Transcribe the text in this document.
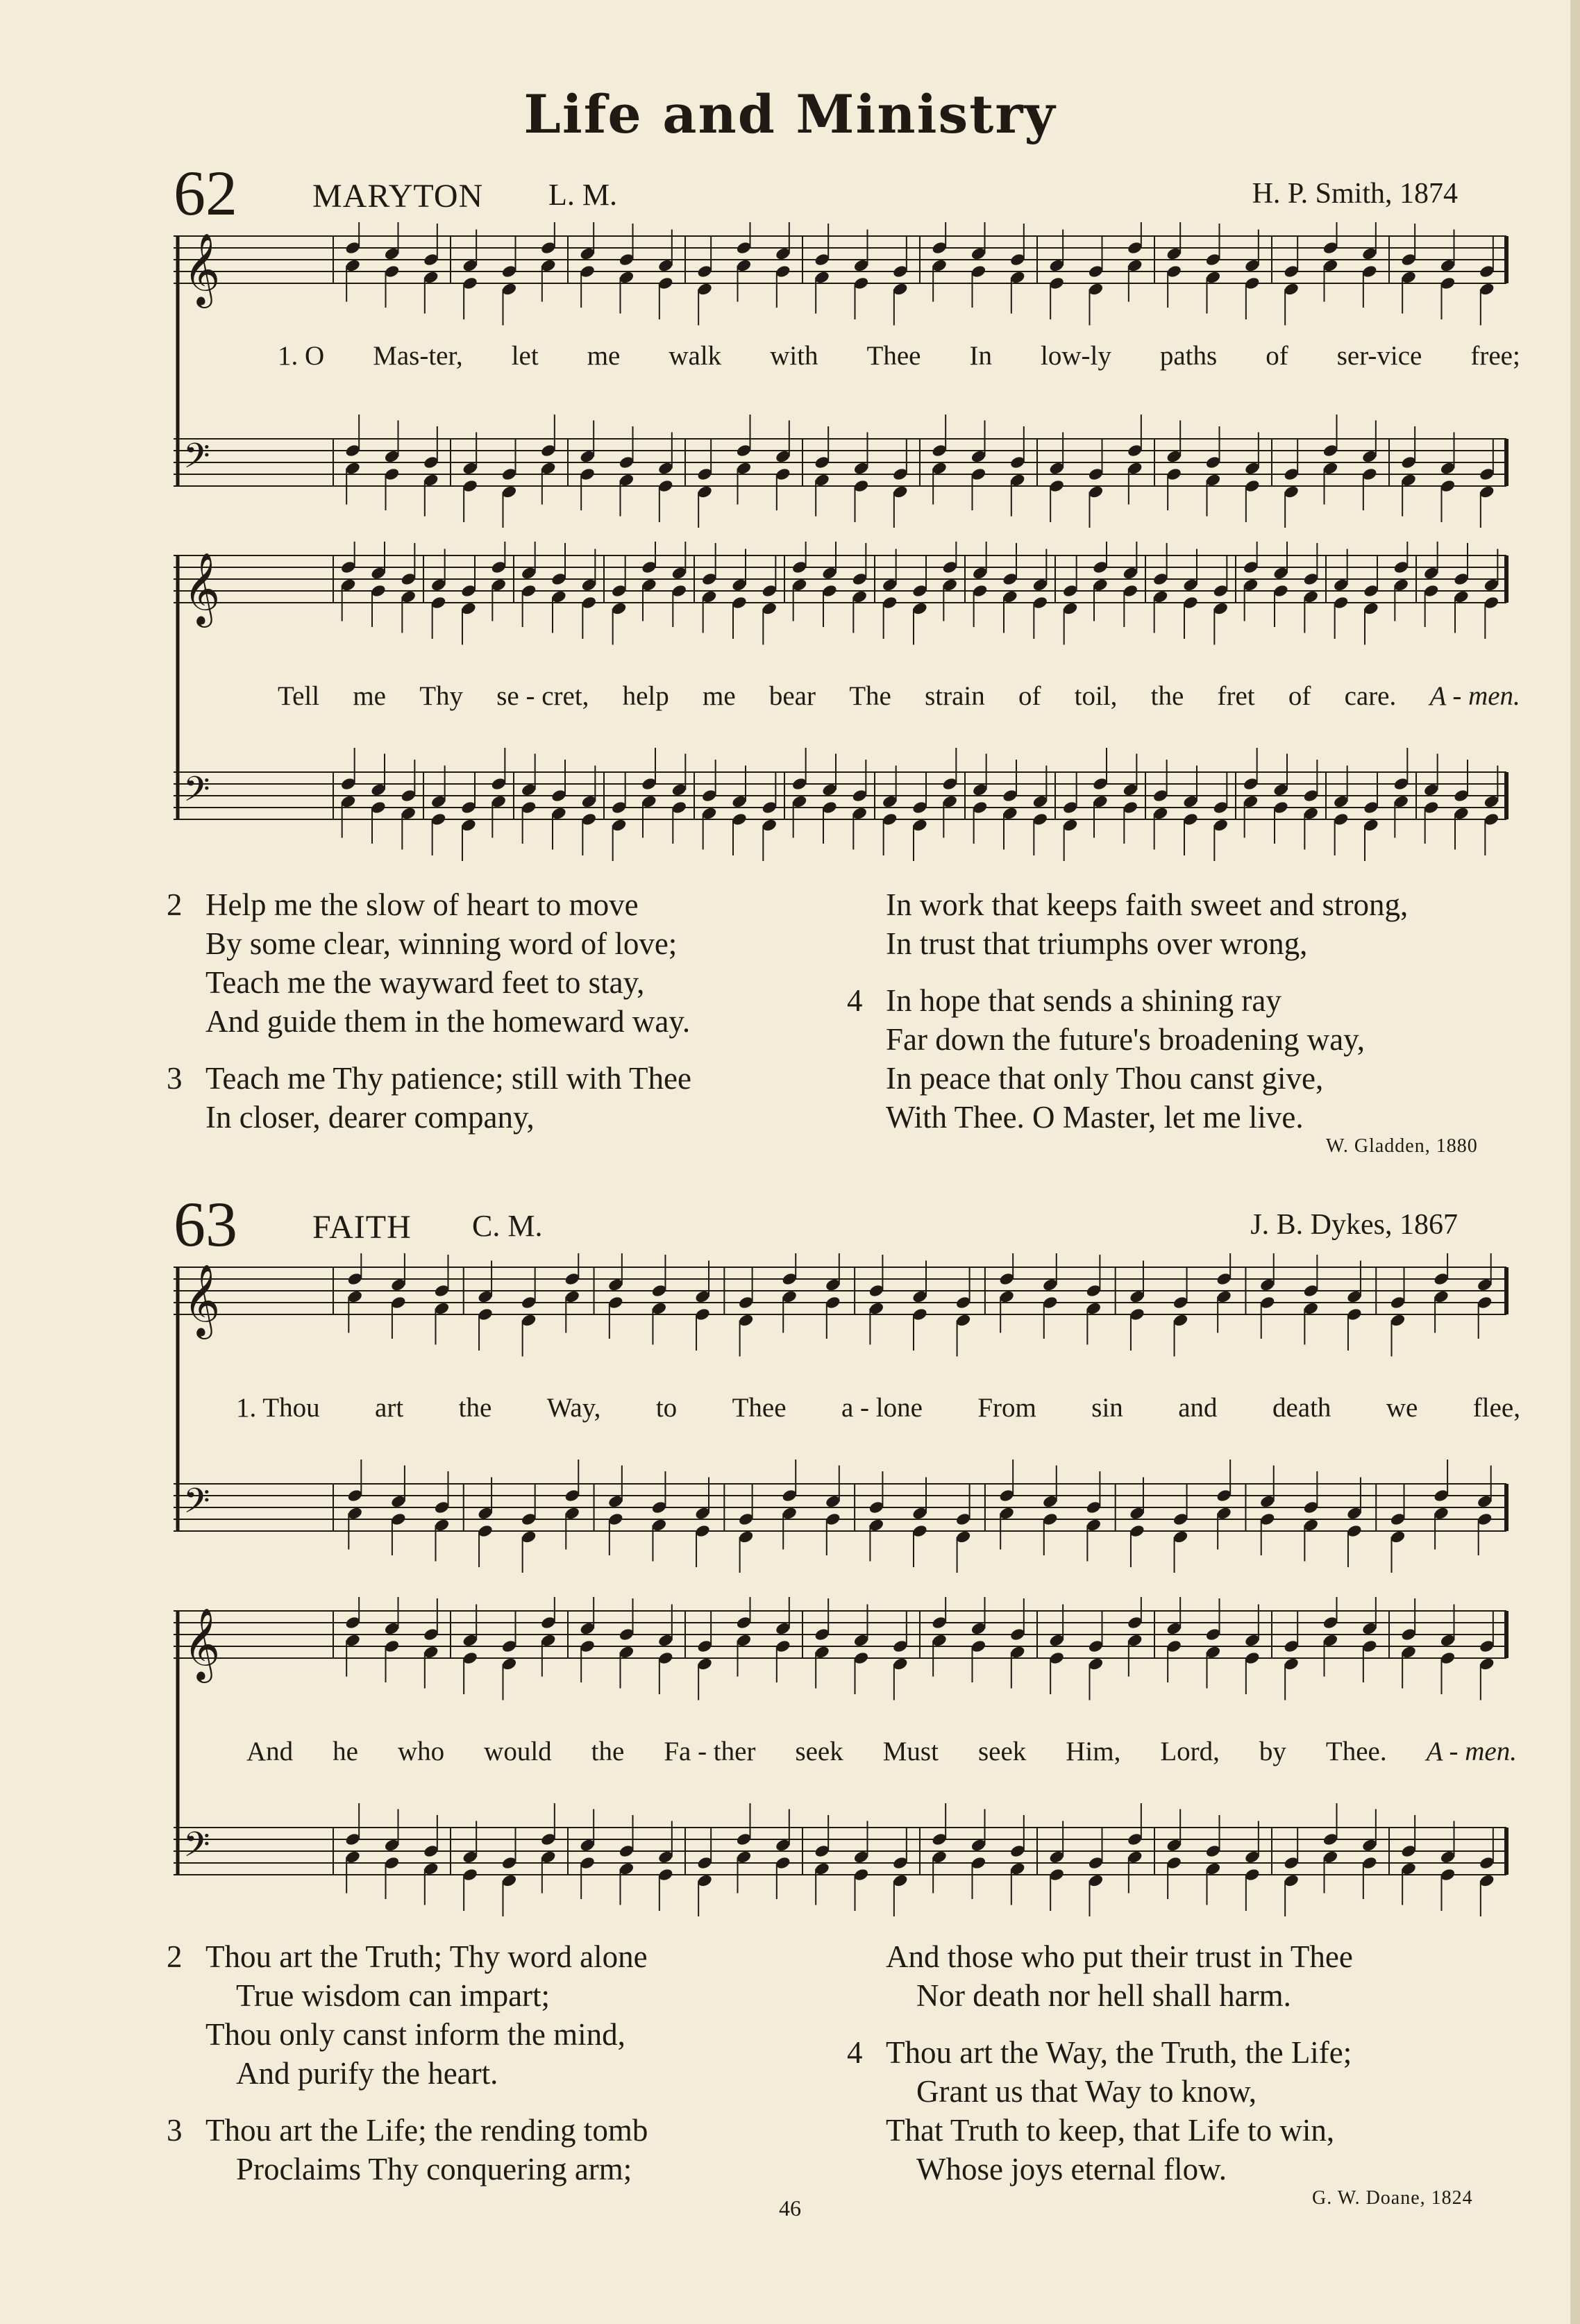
Life and Ministry
62 MARYTON L. M.	H. P. Smith, 1874
𝄞
𝄢
1. O Mas-ter, let me walk with Thee In low-ly paths of ser-vice free;
𝄞
𝄢
Tell me Thy se - cret, help me bear The strain of toil, the fret of care. A - men.
2 Help me the slow of heart to move
By some clear, winning word of love;
Teach me the wayward feet to stay,
And guide them in the homeward way.
3 Teach me Thy patience; still with Thee
In closer, dearer company,
In work that keeps faith sweet and strong,
In trust that triumphs over wrong,
4 In hope that sends a shining ray
Far down the future's broadening way,
In peace that only Thou canst give,
With Thee. O Master, let me live.
W. Gladden, 1880
63 FAITH C. M.	J. B. Dykes, 1867
𝄞
𝄢
1. Thou art the Way, to Thee a - lone From sin and death we flee,
𝄞
𝄢
And he who would the Fa - ther seek Must seek Him, Lord, by Thee. A - men.
2 Thou art the Truth; Thy word alone
True wisdom can impart;
Thou only canst inform the mind,
And purify the heart.
3 Thou art the Life; the rending tomb
Proclaims Thy conquering arm;
And those who put their trust in Thee
Nor death nor hell shall harm.
4 Thou art the Way, the Truth, the Life;
Grant us that Way to know,
That Truth to keep, that Life to win,
Whose joys eternal flow.
G. W. Doane, 1824
46
